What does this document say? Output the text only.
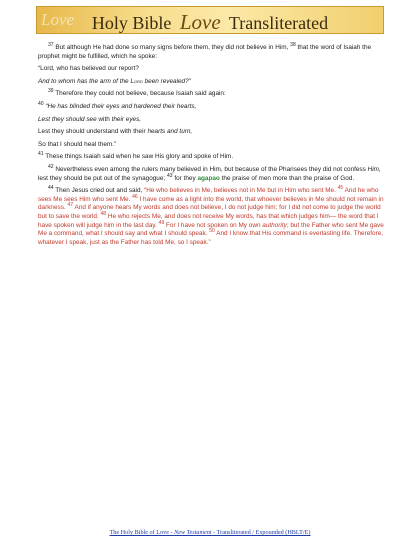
Love Holy Bible Love Transliterated

$^{37}$ But although He had done so many signs before them, they did not believe in Him, $^{38}$ that the word of Isaiah the prophet might be fulfilled, which he spoke:

“Lord, who has believed our report?

And to whom has the arm of the Lord been revealed?”

$^{39}$ Therefore they could not believe, because Isaiah said again:

$^{40}$ “He has blinded their eyes and hardened their hearts,

Lest they should see with their eyes,

Lest they should understand with their hearts and turn,

So that I should heal them.”

$^{41}$ These things Isaiah said when he saw His glory and spoke of Him.

$^{42}$ Nevertheless even among the rulers many believed in Him, but because of the Pharisees they did not confess Him, lest they should be put out of the synagogue; $^{43}$ for they agapao the praise of men more than the praise of God.

$^{44}$ Then Jesus cried out and said, “He who believes in Me, believes not in Me but in Him who sent Me. $^{45}$ And he who sees Me sees Him who sent Me. $^{46}$ I have come as a light into the world, that whoever believes in Me should not remain in darkness. $^{47}$ And if anyone hears My words and does not believe, I do not judge him; for I did not come to judge the world but to save the world. $^{48}$ He who rejects Me, and does not receive My words, has that which judges him— the word that I have spoken will judge him in the last day. $^{49}$ For I have not spoken on My own authority; but the Father who sent Me gave Me a command, what I should say and what I should speak. $^{50}$ And I know that His command is everlasting life. Therefore, whatever I speak, just as the Father has told Me, so I speak.”

The Holy Bible of Love - New Testament - Transliterated / Expounded (HBLT/E)
